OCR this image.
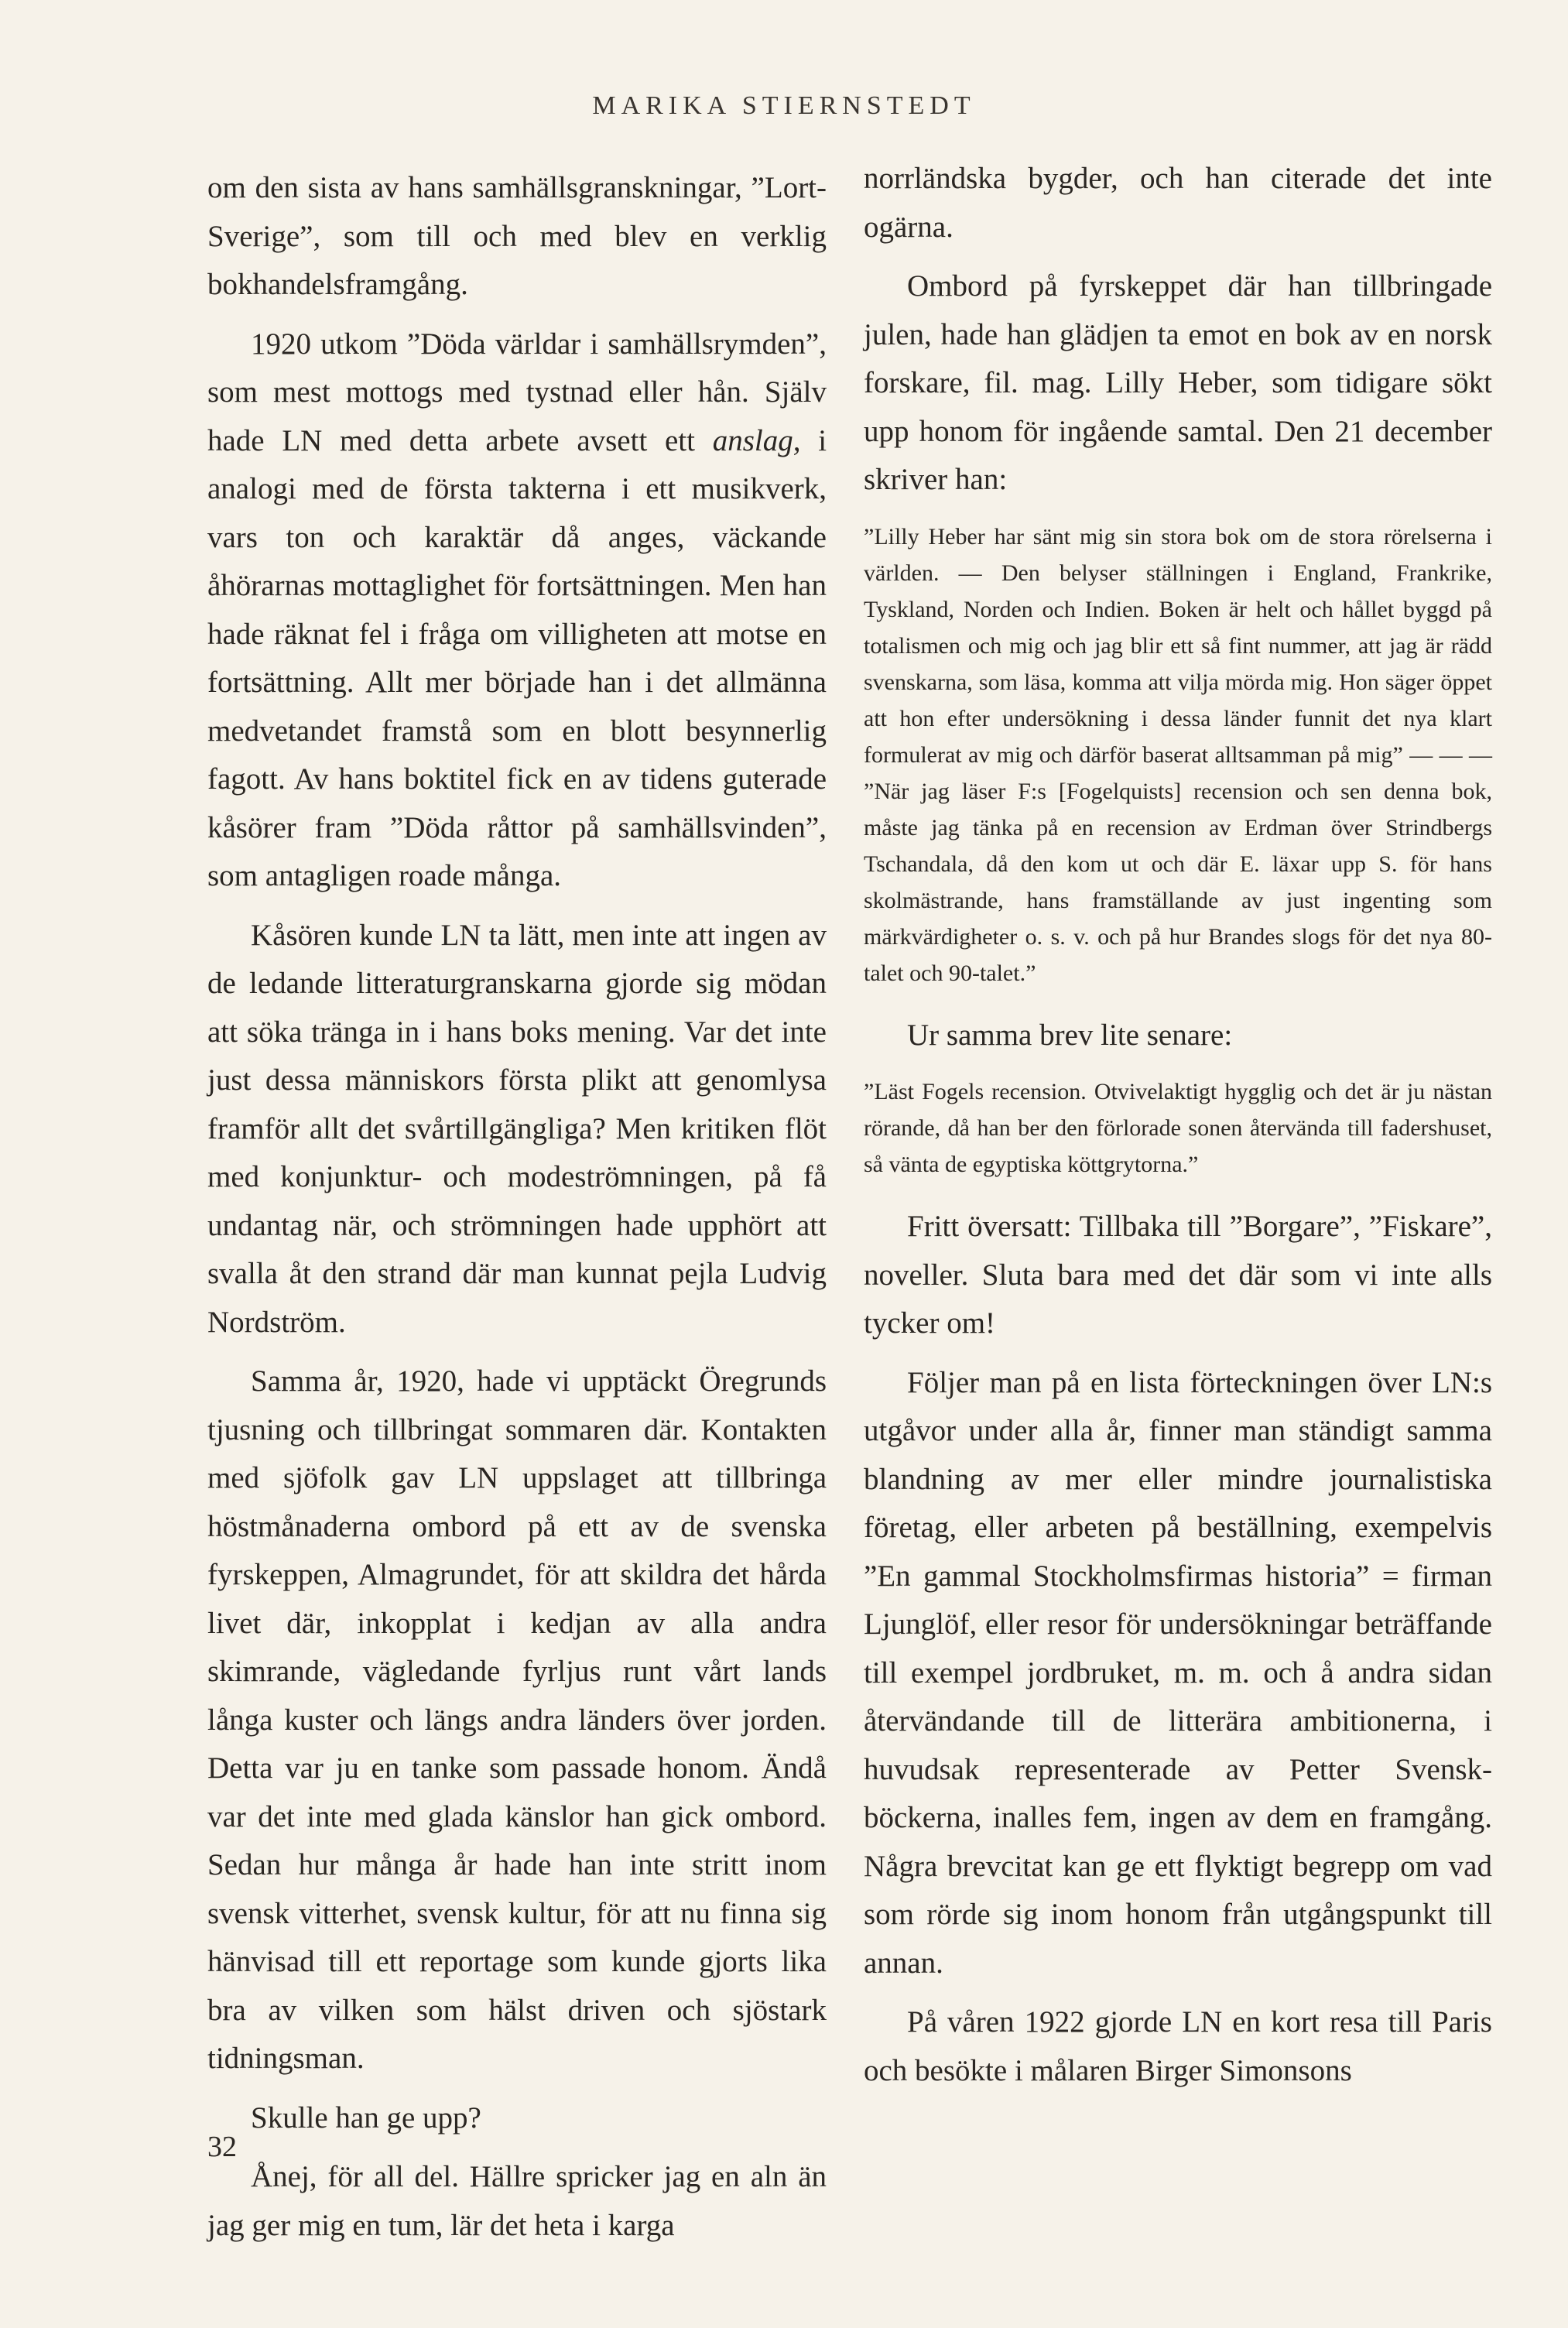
MARIKA STIERNSTEDT

om den sista av hans samhällsgranskningar, ”Lort-Sverige”, som till och med blev en verklig bokhandelsframgång.

1920 utkom ”Döda världar i samhällsrymden”, som mest mottogs med tystnad eller hån. Själv hade LN med detta arbete avsett ett anslag, i analogi med de första takterna i ett musikverk, vars ton och karaktär då anges, väckande åhörarnas mottaglighet för fortsättningen. Men han hade räknat fel i fråga om villigheten att motse en fortsättning. Allt mer började han i det allmänna medvetandet framstå som en blott besynnerlig fagott. Av hans boktitel fick en av tidens guterade kåsörer fram ”Döda råttor på samhällsvinden”, som antagligen roade många.

Kåsören kunde LN ta lätt, men inte att ingen av de ledande litteraturgranskarna gjorde sig mödan att söka tränga in i hans boks mening. Var det inte just dessa människors första plikt att genomlysa framför allt det svårtillgängliga? Men kritiken flöt med konjunktur- och modeströmningen, på få undantag när, och strömningen hade upphört att svalla åt den strand där man kunnat pejla Ludvig Nordström.

Samma år, 1920, hade vi upptäckt Öregrunds tjusning och tillbringat sommaren där. Kontakten med sjöfolk gav LN uppslaget att tillbringa höstmånaderna ombord på ett av de svenska fyrskeppen, Almagrundet, för att skildra det hårda livet där, inkopplat i kedjan av alla andra skimrande, vägledande fyrljus runt vårt lands långa kuster och längs andra länders över jorden. Detta var ju en tanke som passade honom. Ändå var det inte med glada känslor han gick ombord. Sedan hur många år hade han inte stritt inom svensk vitterhet, svensk kultur, för att nu finna sig hänvisad till ett reportage som kunde gjorts lika bra av vilken som hälst driven och sjöstark tidningsman.

Skulle han ge upp?

Ånej, för all del. Hällre spricker jag en aln än jag ger mig en tum, lär det heta i karga

norrländska bygder, och han citerade det inte ogärna.

Ombord på fyrskeppet där han tillbringade julen, hade han glädjen ta emot en bok av en norsk forskare, fil. mag. Lilly Heber, som tidigare sökt upp honom för ingående samtal. Den 21 december skriver han:

”Lilly Heber har sänt mig sin stora bok om de stora rörelserna i världen. — Den belyser ställningen i England, Frankrike, Tyskland, Norden och Indien. Boken är helt och hållet byggd på totalismen och mig och jag blir ett så fint nummer, att jag är rädd svenskarna, som läsa, komma att vilja mörda mig. Hon säger öppet att hon efter undersökning i dessa länder funnit det nya klart formulerat av mig och därför baserat alltsamman på mig” — — — ”När jag läser F:s [Fogelquists] recension och sen denna bok, måste jag tänka på en recension av Erdman över Strindbergs Tschandala, då den kom ut och där E. läxar upp S. för hans skolmästrande, hans framställande av just ingenting som märkvärdigheter o. s. v. och på hur Brandes slogs för det nya 80-talet och 90-talet.”

Ur samma brev lite senare:

”Läst Fogels recension. Otvivelaktigt hygglig och det är ju nästan rörande, då han ber den förlorade sonen återvända till fadershuset, så vänta de egyptiska köttgrytorna.”

Fritt översatt: Tillbaka till ”Borgare”, ”Fiskare”, noveller. Sluta bara med det där som vi inte alls tycker om!

Följer man på en lista förteckningen över LN:s utgåvor under alla år, finner man ständigt samma blandning av mer eller mindre journalistiska företag, eller arbeten på beställning, exempelvis ”En gammal Stockholmsfirmas historia” = firman Ljunglöf, eller resor för undersökningar beträffande till exempel jordbruket, m. m. och å andra sidan återvändande till de litterära ambitionerna, i huvudsak representerade av Petter Svensk-böckerna, inalles fem, ingen av dem en framgång. Några brevcitat kan ge ett flyktigt begrepp om vad som rörde sig inom honom från utgångspunkt till annan.

På våren 1922 gjorde LN en kort resa till Paris och besökte i målaren Birger Simonsons

32
